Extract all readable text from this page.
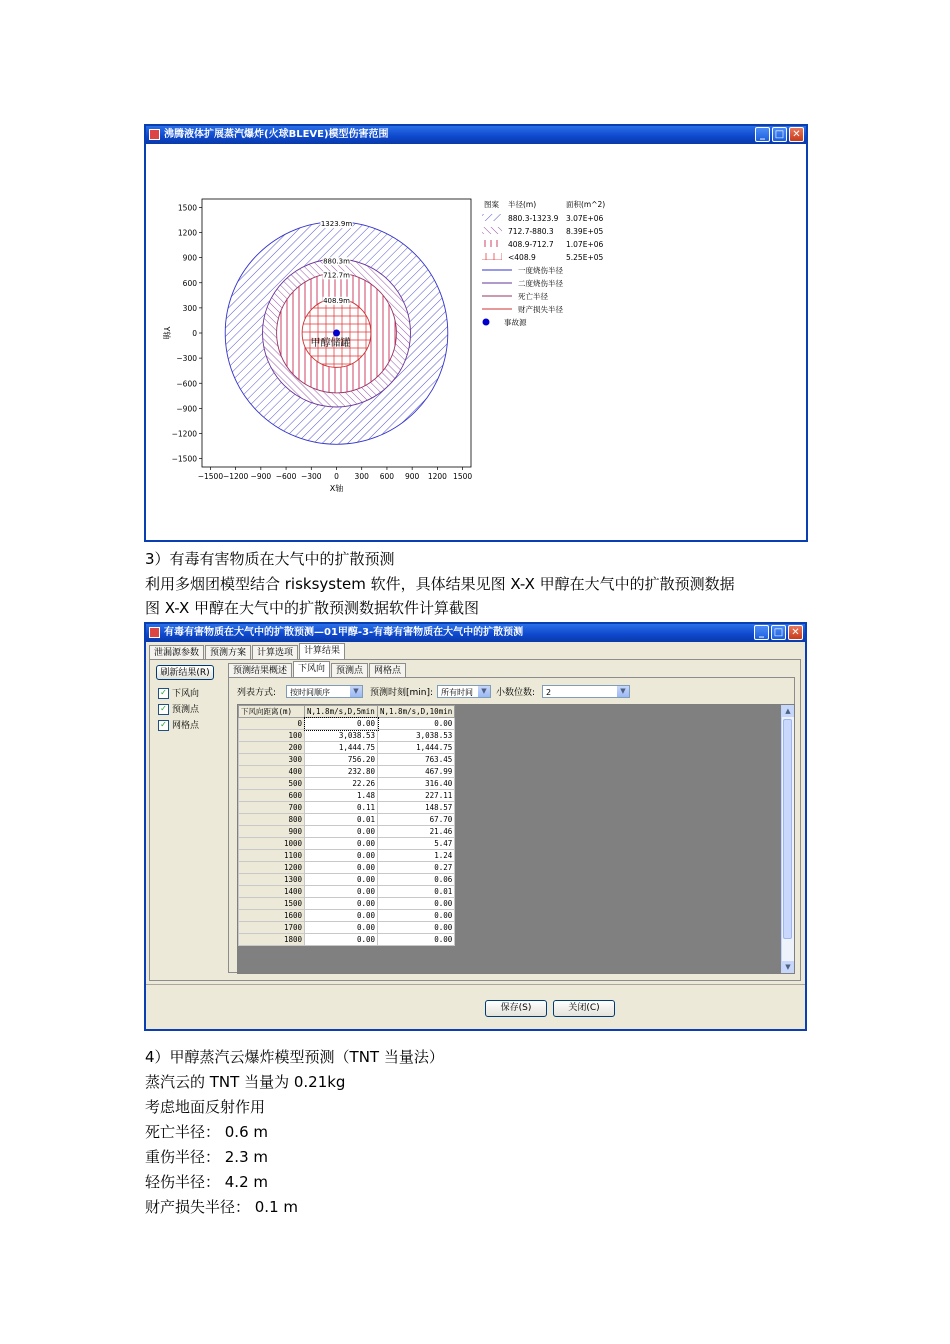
沸腾液体扩展蒸汽爆炸(火球BLEVE)模型伤害范围	_ □ ✕
1323.9m
880.3m
712.7m
408.9m
甲醇储罐
−1500 −1200 −900 −600 −300 0 300 600 900 1200 1500
1500
1200
900
600
300
0
−300
−600
−900
−1200
−1500
X轴
Y轴
图案 半径(m)	面积(m^2)
880.3-1323.9 3.07E+06
712.7-880.3 8.39E+05
408.9-712.7 1.07E+06
<408.9	5.25E+05
一度烧伤半径
二度烧伤半径
死亡半径
财产损失半径
事故源
3）有毒有害物质在大气中的扩散预测
利用多烟团模型结合 risksystem 软件，具体结果见图 X-X 甲醇在大气中的扩散预测数据
图 X-X 甲醇在大气中的扩散预测数据软件计算截图
有毒有害物质在大气中的扩散预测—01甲醇-3-有毒有害物质在大气中的扩散预测	_ □ ✕
泄漏源参数	预测方案	计算选项	计算结果
刷新结果(R)
✓ 下风向
✓ 预测点
✓ 网格点
预测结果概述	下风向	预测点	网格点
列表方式:	按时间顺序	▼	预测时刻[min]: 所有时间	▼	小数位数:	2	▼
下风向距离(m)	N,1.8m/s,D,5min	N,1.8m/s,D,10min
0	0.00	0.00
100	3,038.53	3,038.53
200	1,444.75	1,444.75
300	756.20	763.45
400	232.80	467.99
500	22.26	316.40
600	1.48	227.11
700	0.11	148.57
800	0.01	67.70
900	0.00	21.46
1000	0.00	5.47
1100	0.00	1.24
1200	0.00	0.27
1300	0.00	0.06
1400	0.00	0.01
1500	0.00	0.00
1600	0.00	0.00
1700	0.00	0.00
1800	0.00	0.00
▲
▼
保存(S)	关闭(C)
4）甲醇蒸汽云爆炸模型预测（TNT 当量法）
蒸汽云的 TNT 当量为 0.21kg
考虑地面反射作用
死亡半径： 0.6 m
重伤半径： 2.3 m
轻伤半径： 4.2 m
财产损失半径： 0.1 m
